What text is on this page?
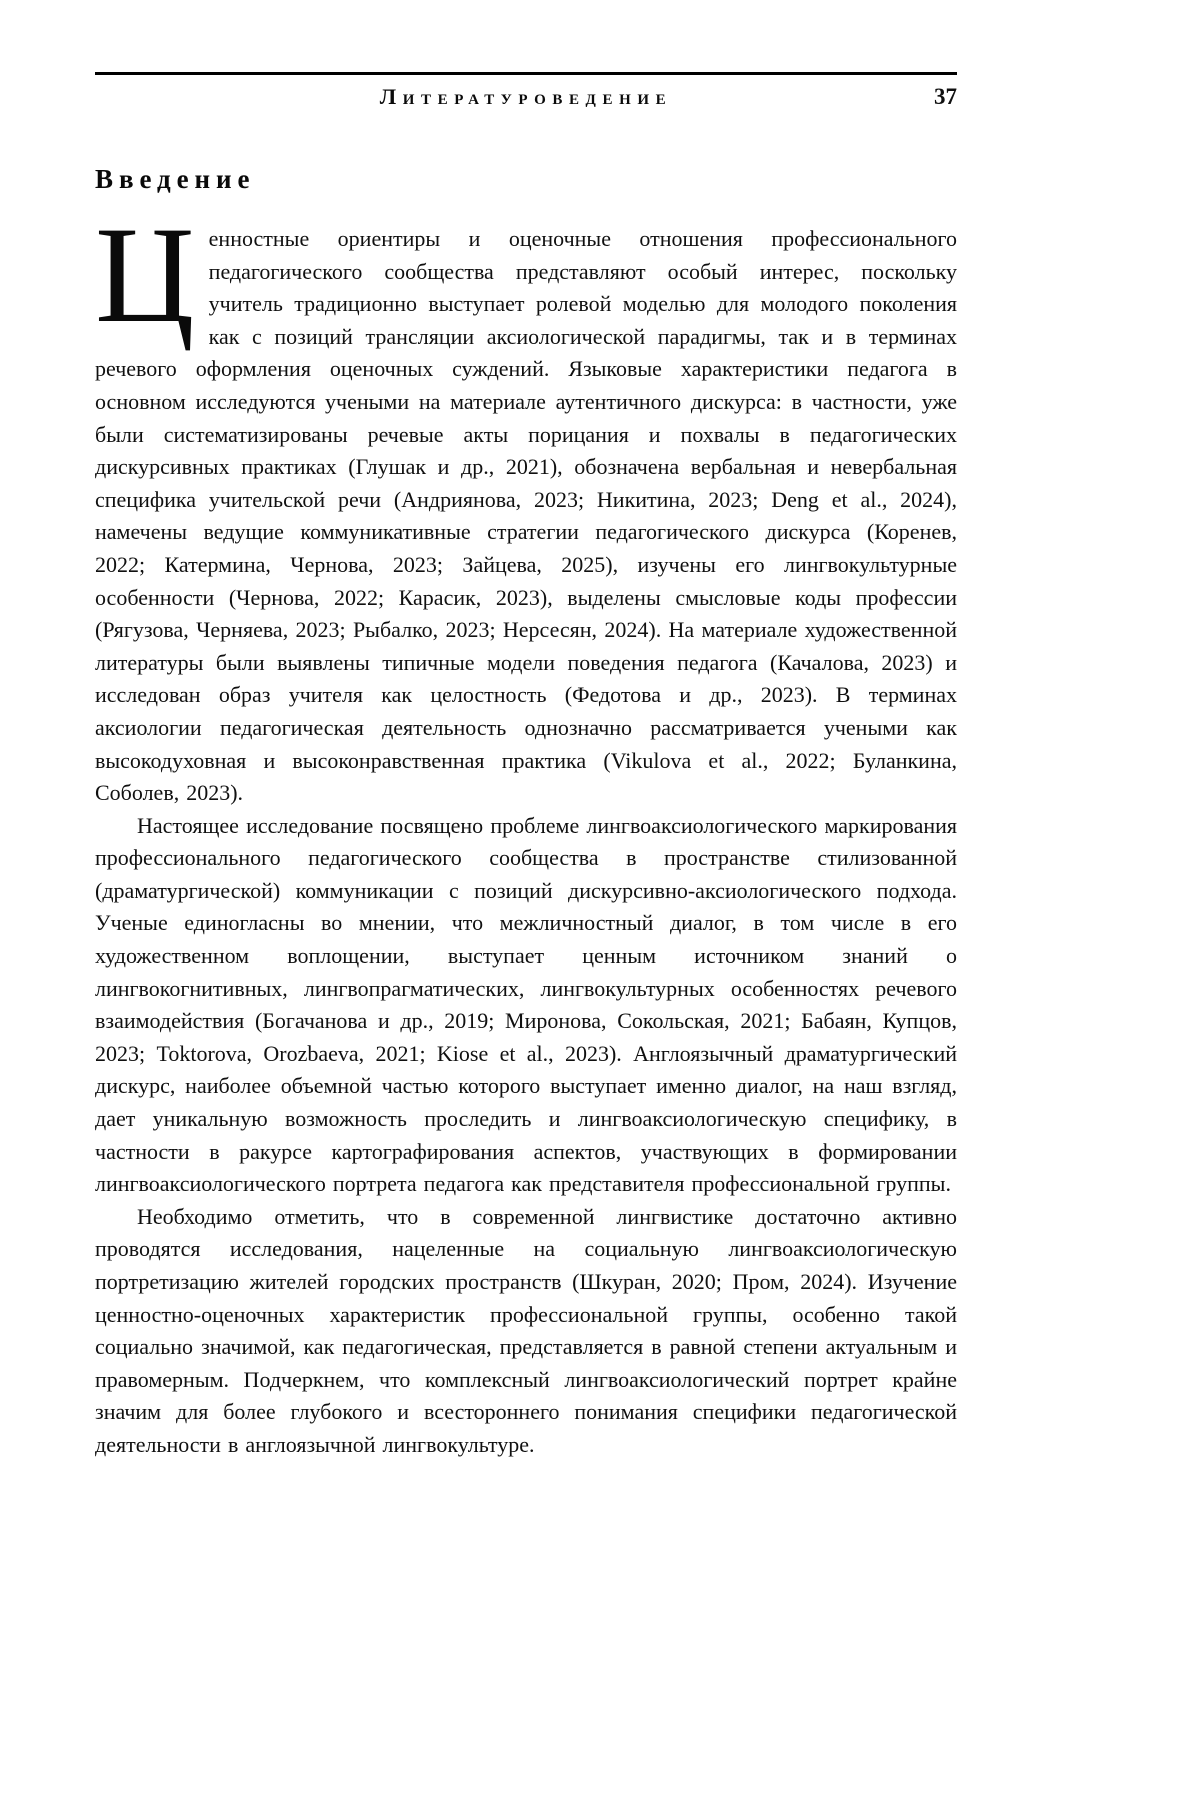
Литературоведение	37
Введение

Ценностные ориентиры и оценочные отношения профессионального педагогического сообщества представляют особый интерес, поскольку учитель традиционно выступает ролевой моделью для молодого поколения как с позиций трансляции аксиологической парадигмы, так и в терминах речевого оформления оценочных суждений. Языковые характеристики педагога в основном исследуются учеными на материале аутентичного дискурса: в частности, уже были систематизированы речевые акты порицания и похвалы в педагогических дискурсивных практиках (Глушак и др., 2021), обозначена вербальная и невербальная специфика учительской речи (Андриянова, 2023; Никитина, 2023; Deng et al., 2024), намечены ведущие коммуникативные стратегии педагогического дискурса (Коренев, 2022; Катермина, Чернова, 2023; Зайцева, 2025), изучены его лингвокультурные особенности (Чернова, 2022; Карасик, 2023), выделены смысловые коды профессии (Рягузова, Черняева, 2023; Рыбалко, 2023; Нерсесян, 2024). На материале художественной литературы были выявлены типичные модели поведения педагога (Качалова, 2023) и исследован образ учителя как целостность (Федотова и др., 2023). В терминах аксиологии педагогическая деятельность однозначно рассматривается учеными как высокодуховная и высоконравственная практика (Vikulova et al., 2022; Буланкина, Соболев, 2023).

Настоящее исследование посвящено проблеме лингвоаксиологического маркирования профессионального педагогического сообщества в пространстве стилизованной (драматургической) коммуникации с позиций дискурсивно-аксиологического подхода. Ученые единогласны во мнении, что межличностный диалог, в том числе в его художественном воплощении, выступает ценным источником знаний о лингвокогнитивных, лингвопрагматических, лингвокультурных особенностях речевого взаимодействия (Богачанова и др., 2019; Миронова, Сокольская, 2021; Бабаян, Купцов, 2023; Toktorova, Orozbaeva, 2021; Kiose et al., 2023). Англоязычный драматургический дискурс, наиболее объемной частью которого выступает именно диалог, на наш взгляд, дает уникальную возможность проследить и лингвоаксиологическую специфику, в частности в ракурсе картографирования аспектов, участвующих в формировании лингвоаксиологического портрета педагога как представителя профессиональной группы.

Необходимо отметить, что в современной лингвистике достаточно активно проводятся исследования, нацеленные на социальную лингвоаксиологическую портретизацию жителей городских пространств (Шкуран, 2020; Пром, 2024). Изучение ценностно-оценочных характеристик профессиональной группы, особенно такой социально значимой, как педагогическая, представляется в равной степени актуальным и правомерным. Подчеркнем, что комплексный лингвоаксиологический портрет крайне значим для более глубокого и всестороннего понимания специфики педагогической деятельности в англоязычной лингвокультуре.
